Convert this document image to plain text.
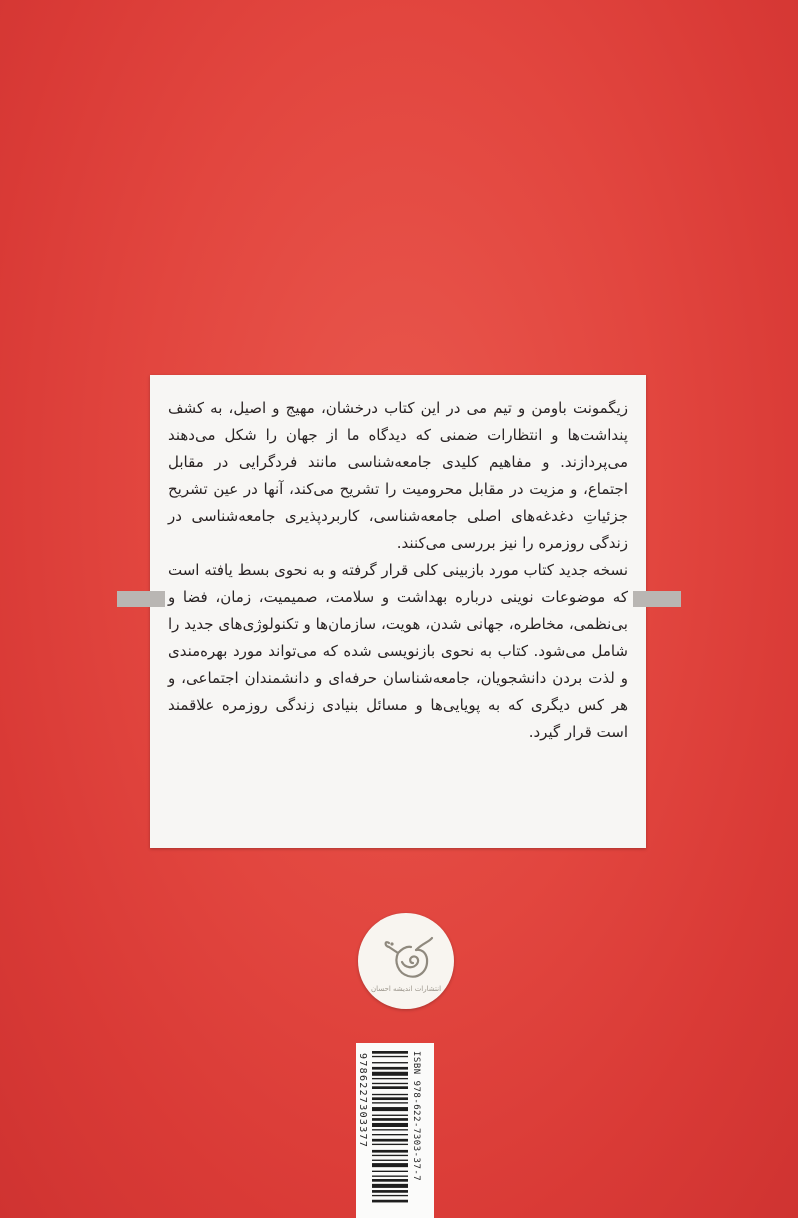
زیگمونت باومن و تیم می در این کتاب درخشان، مهیج و اصیل، به کشف پنداشت‌ها و انتظارات ضمنی که دیدگاه ما از جهان را شکل می‌دهند می‌پردازند. و مفاهیم کلیدی جامعه‌شناسی مانند فردگرایی در مقابل اجتماع، و مزیت در مقابل محرومیت را تشریح می‌کند، آنها در عین تشریح جزئیاتِ دغدغه‌های اصلی جامعه‌شناسی، کاربردپذیری جامعه‌شناسی در زندگی روزمره را نیز بررسی می‌کنند.

نسخه جدید کتاب مورد بازبینی کلی قرار گرفته و به نحوی بسط یافته است که موضوعات نوینی درباره بهداشت و سلامت، صمیمیت، زمان، فضا و بی‌نظمی، مخاطره، جهانی شدن، هویت، سازمان‌ها و تکنولوژی‌های جدید را شامل می‌شود. کتاب به نحوی بازنویسی شده که می‌تواند مورد بهره‌مندی و لذت بردن دانشجویان، جامعه‌شناسان حرفه‌ای و دانشمندان اجتماعی، و هر کس دیگری که به پویایی‌ها و مسائل بنیادی زندگی روزمره علاقمند است قرار گیرد.

انتشارات اندیشه احسان
9786227303377	ISBN 978-622-7303-37-7
